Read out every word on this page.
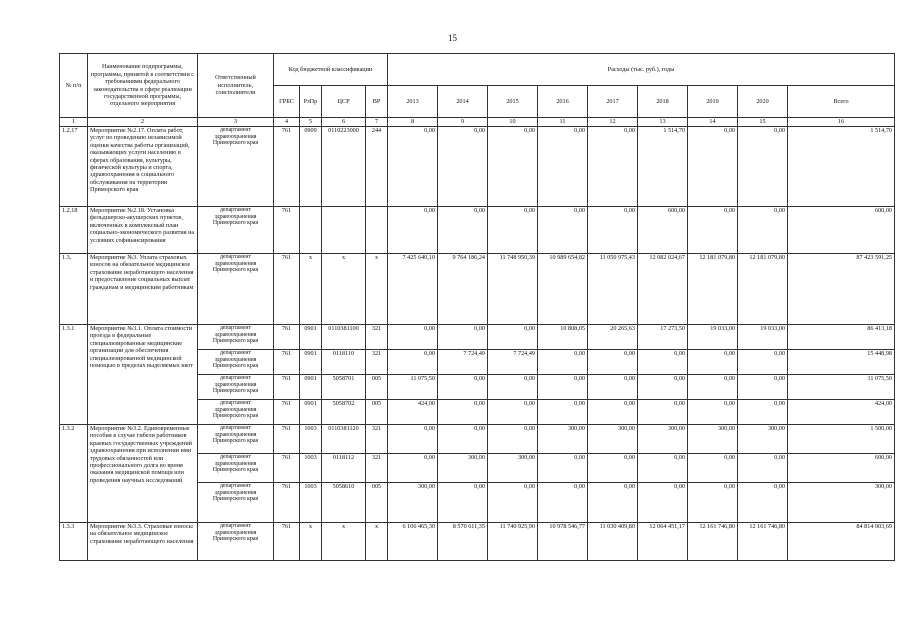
15
№ п/п	Наименование подпрограммы, программы, принятой в соответствии с требованиями федерального законодательства в сфере реализации государственной программы, отдельного мероприятия	Ответственный исполнитель, соисполнители	Код бюджетной классификации				Расходы (тыс. руб.), годы								
			ГРБС	РзПр	ЦСР	ВР	2013	2014	2015	2016	2017	2018	2019	2020	Всего
1	2	3	4	5	6	7	8	9	10	11	12	13	14	15	16
1.2.17	Мероприятие №2.17. Оплата работ, услуг по проведению независимой оценки качества работы организаций, оказывающих услуги населению в сферах образования, культуры, физической культуры и спорта, здравоохранения и социального обслуживания на территории Приморского края	департамент здравоохранения Приморского края	761	0909	0110223000	244	0,00	0,00	0,00	0,00	0,00	1 514,70	0,00	0,00	1 514,70
1.2.18	Мероприятие №2.18. Установка фельдшерско-акушерских пунктов, включенных в комплексный план социально-экономического развития на условиях софинансирования	департамент здравоохранения Приморского края	761				0,00	0,00	0,00	0,00	0,00	600,00	0,00	0,00	600,00
1.3.	Мероприятие №3. Уплата страховых взносов на обязательное медицинское страхование неработающего населения и предоставление социальных выплат гражданам и медицинским работникам	департамент здравоохранения Приморского края	761	х	х	х	7 425 640,10	9 764 186,24	11 748 950,39	10 989 654,82	11 050 975,43	12 082 024,67	12 181 079,80	12 181 079,80	87 423 591,25
1.3.1	Мероприятие №3.1. Оплата стоимости проезда в федеральные специализированные медицинские организации для обеспечения специализированной медицинской помощью в пределах выделяемых квот	департамент здравоохранения Приморского края	761	0901	0110381100	321	0,00	0,00	0,00	10 808,05	20 265,63	17 273,50	19 033,00	19 033,00	86 413,18
		департамент здравоохранения Приморского края	761	0901	0118110	321	0,00	7 724,49	7 724,49	0,00	0,00	0,00	0,00	0,00	15 448,98
		департамент здравоохранения Приморского края	761	0901	5058701	005	11 075,50	0,00	0,00	0,00	0,00	0,00	0,00	0,00	11 075,50
		департамент здравоохранения Приморского края	761	0901	5058702	005	424,00	0,00	0,00	0,00	0,00	0,00	0,00	0,00	424,00
1.3.2	Мероприятие №3.2. Единовременные пособия в случае гибели работников краевых государственных учреждений здравоохранения при исполнении ими трудовых обязанностей или профессионального долга во время оказания медицинской помощи или проведения научных исследований	департамент здравоохранения Приморского края	761	1003	0110381120	321	0,00	0,00	0,00	300,00	300,00	300,00	300,00	300,00	1 500,00
		департамент здравоохранения Приморского края	761	1003	0118112	321	0,00	300,00	300,00	0,00	0,00	0,00	0,00	0,00	600,00
		департамент здравоохранения Приморского края	761	1003	5058610	005	300,00	0,00	0,00	0,00	0,00	0,00	0,00	0,00	300,00
1.3.3	Мероприятие №3.3. Страховые взносы на обязательное медицинское страхование неработающего населения	департамент здравоохранения Приморского края	761	х	х	х	6 106 465,30	8 570 611,35	11 740 925,90	10 978 546,77	11 030 409,80	12 064 451,17	12 161 746,80	12 161 746,80	84 814 903,69
